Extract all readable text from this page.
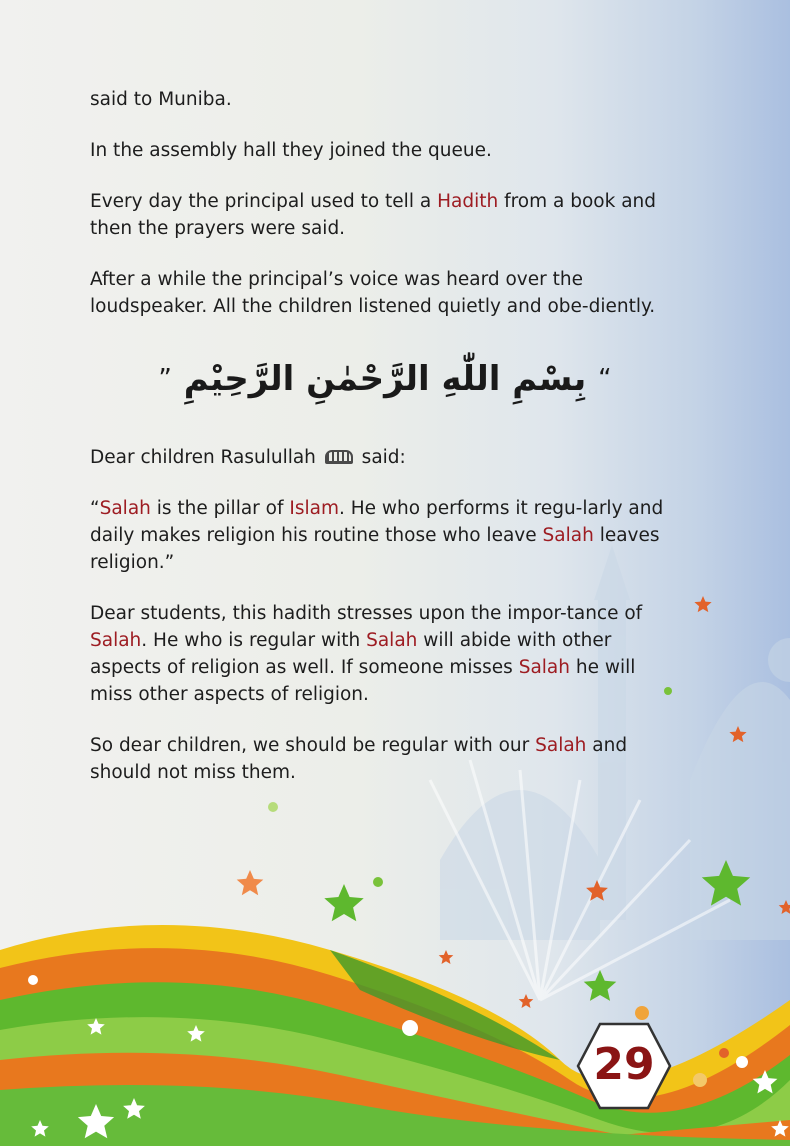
said to Muniba.

In the assembly hall they joined the queue.

Every day the principal used to tell a Hadith from a book and then the prayers were said.

After a while the principal’s voice was heard over the loudspeaker. All the children listened quietly and obe-diently.

“ بِسْمِ اللّٰهِ الرَّحْمٰنِ الرَّحِيْمِ ”

Dear children Rasulullah  said:

“Salah is the pillar of Islam. He who performs it regu-larly and daily makes religion his routine those who leave Salah leaves religion.”

Dear students, this hadith stresses upon the impor-tance of Salah. He who is regular with Salah will abide with other aspects of religion as well. If someone misses Salah he will miss other aspects of religion.

So dear children, we should be regular with our Salah and should not miss them.

29
